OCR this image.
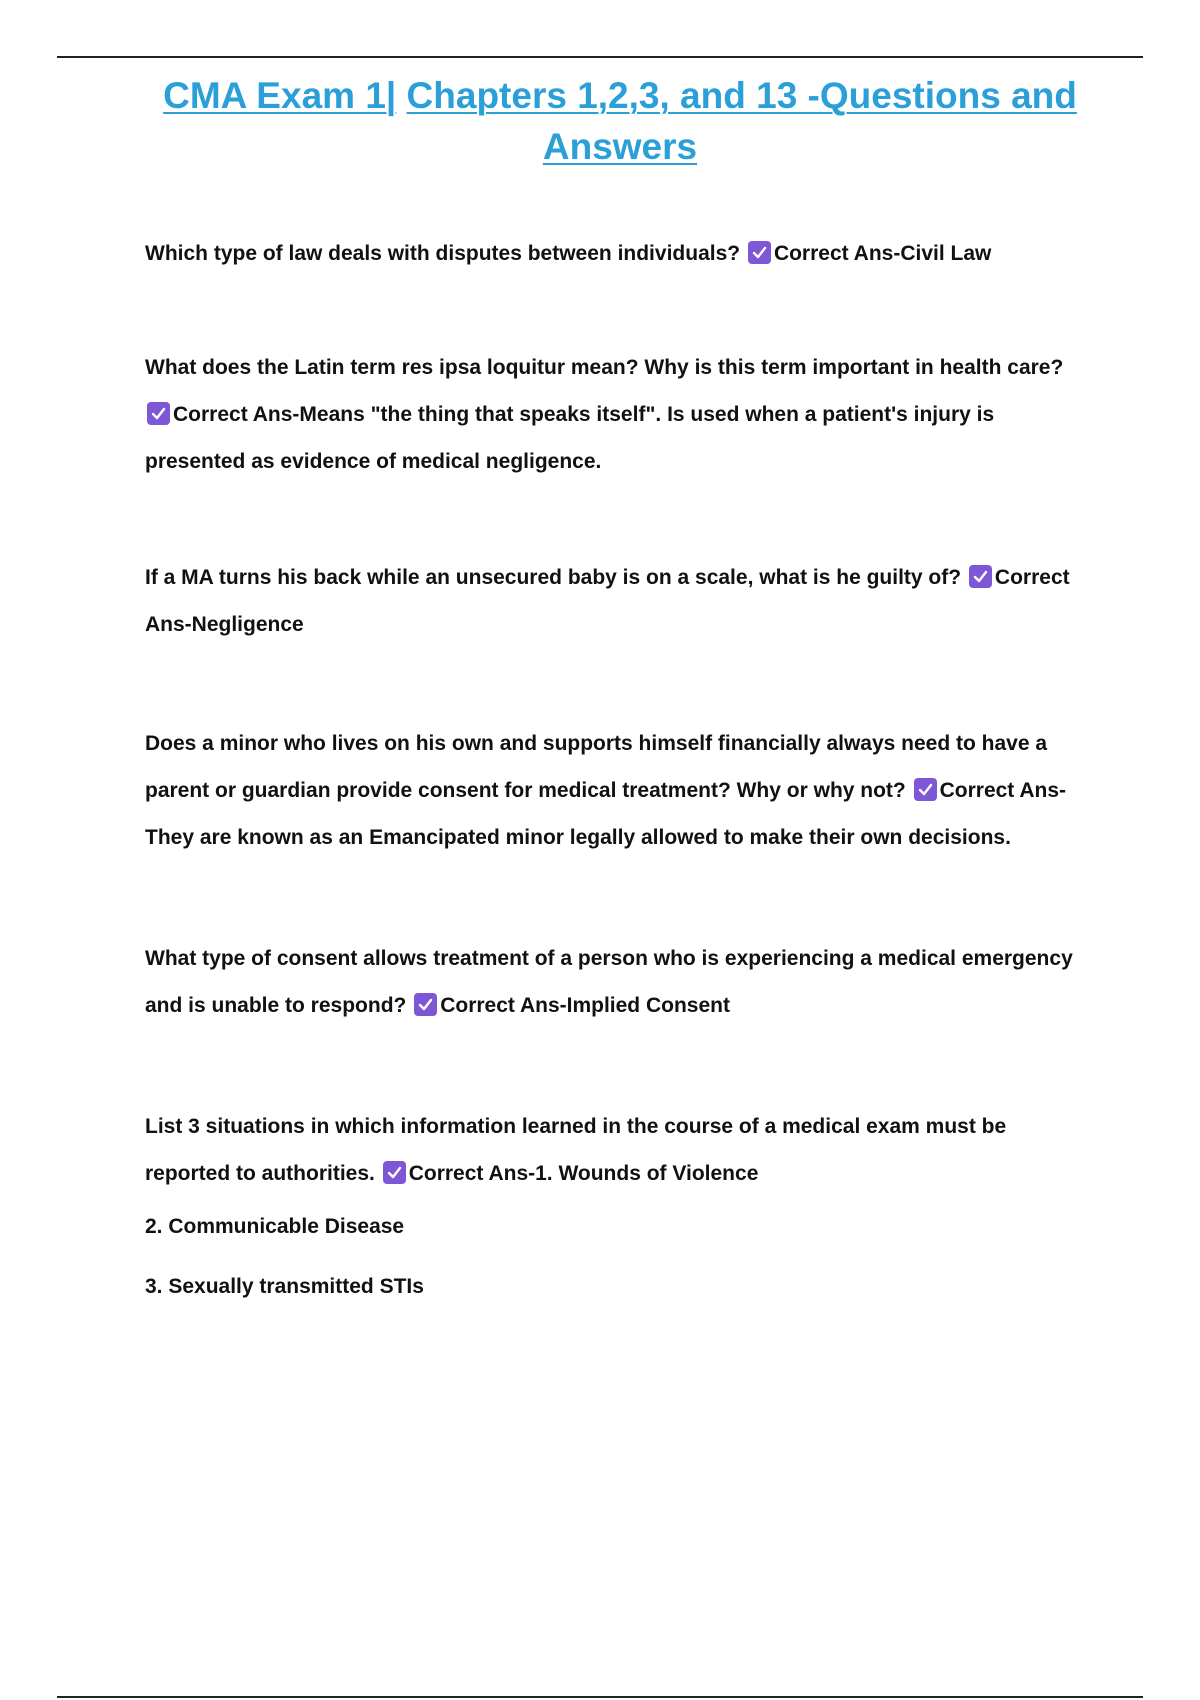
CMA Exam 1| Chapters 1,2,3, and 13 -Questions and Answers

Which type of law deals with disputes between individuals? Correct Ans-Civil Law

What does the Latin term res ipsa loquitur mean? Why is this term important in health care?
Correct Ans-Means "the thing that speaks itself". Is used when a patient's injury is presented as evidence of medical negligence.

If a MA turns his back while an unsecured baby is on a scale, what is he guilty of? Correct Ans-Negligence

Does a minor who lives on his own and supports himself financially always need to have a parent or guardian provide consent for medical treatment? Why or why not? Correct Ans-They are known as an Emancipated minor legally allowed to make their own decisions.

What type of consent allows treatment of a person who is experiencing a medical emergency and is unable to respond? Correct Ans-Implied Consent

List 3 situations in which information learned in the course of a medical exam must be reported to authorities. Correct Ans-1. Wounds of Violence

2. Communicable Disease

3. Sexually transmitted STIs
